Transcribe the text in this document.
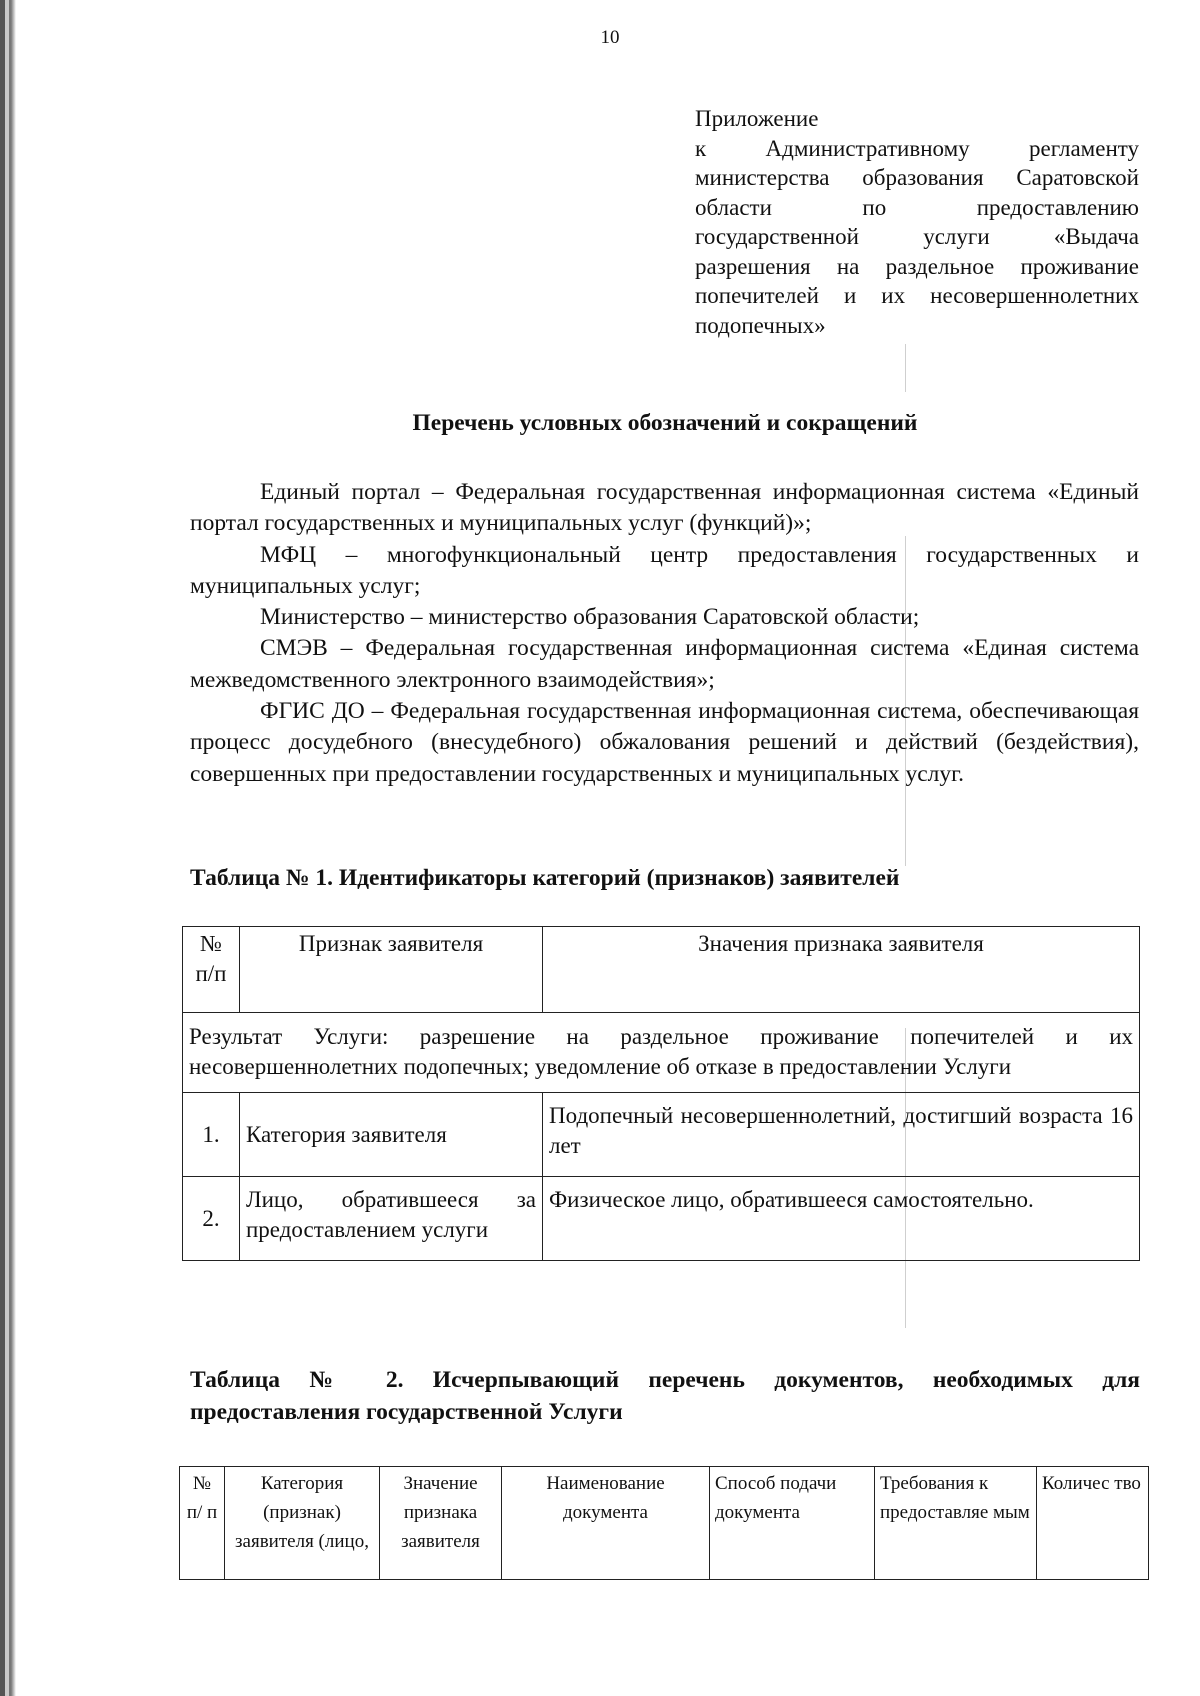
10
Приложение
к Административному регламенту
министерства образования Саратовской
области по предоставлению
государственной услуги «Выдача
разрешения на раздельное проживание
попечителей и их несовершеннолетних
подопечных»
Перечень условных обозначений и сокращений

Единый портал – Федеральная государственная информационная система «Единый портал государственных и муниципальных услуг (функций)»;

МФЦ – многофункциональный центр предоставления государственных и муниципальных услуг;

Министерство – министерство образования Саратовской области;

СМЭВ – Федеральная государственная информационная система «Единая система межведомственного электронного взаимодействия»;

ФГИС ДО – Федеральная государственная информационная система, обеспечивающая процесс досудебного (внесудебного) обжалования решений и действий (бездействия), совершенных при предоставлении государственных и муниципальных услуг.

Таблица № 1. Идентификаторы категорий (признаков) заявителей
№ п/п	Признак заявителя	Значения признака заявителя
Результат Услуги: разрешение на раздельное проживание попечителей и их несовершеннолетних подопечных; уведомление об отказе в предоставлении Услуги		
1.	Категория заявителя	Подопечный несовершеннолетний, достигший возраста 16 лет
2.	Лицо, обратившееся за предоставлением услуги	Физическое лицо, обратившееся самостоятельно.
Таблица № 2. Исчерпывающий перечень документов, необходимых для
предоставления государственной Услуги
№ п/ п	Категория (признак) заявителя (лицо,	Значение признака заявителя	Наименование документа	Способ подачи документа	Требования к предоставляе мым	Количес тво
